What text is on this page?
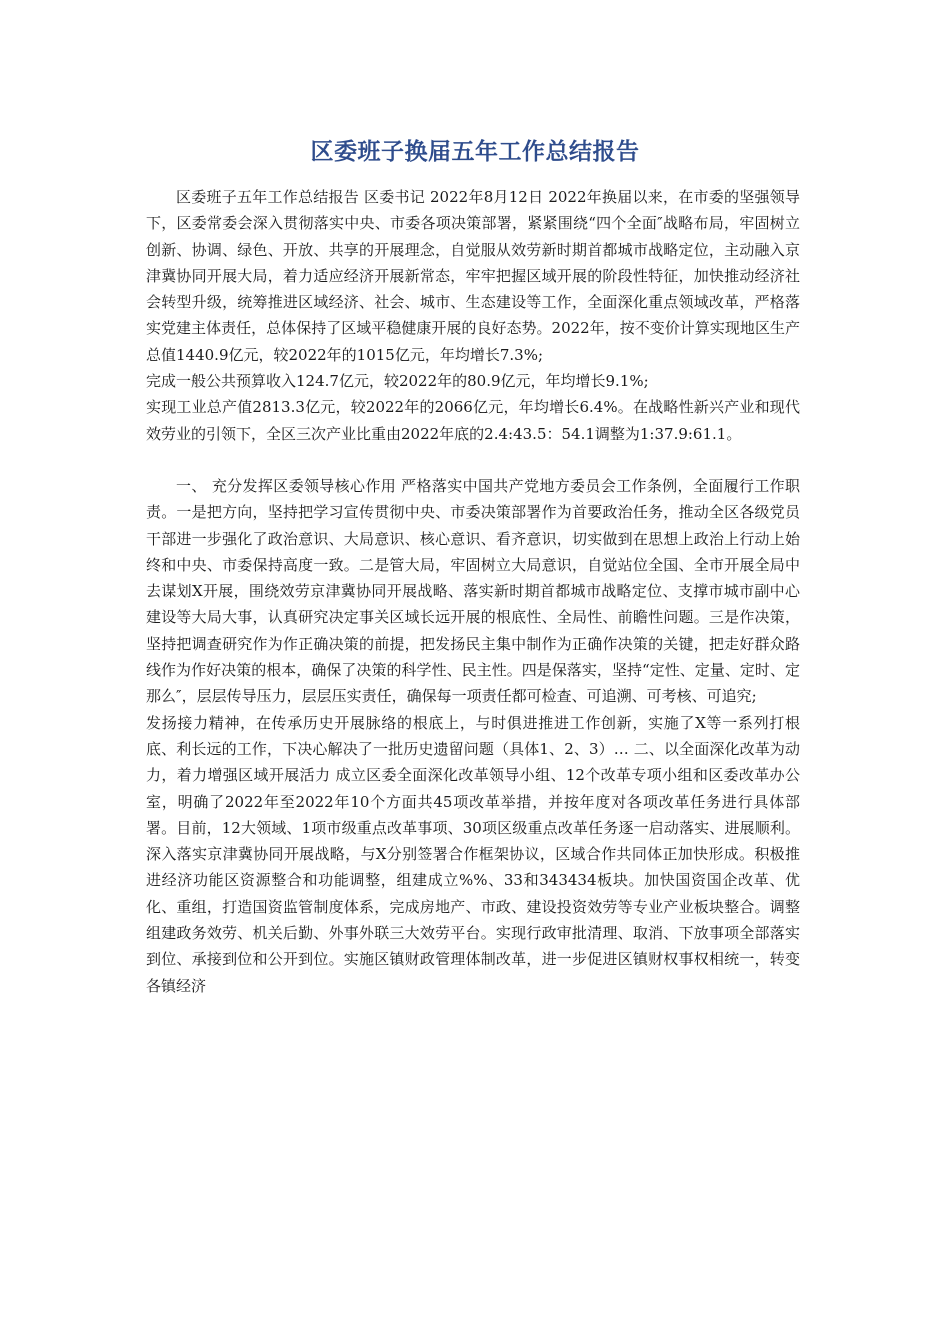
区委班子换届五年工作总结报告

区委班子五年工作总结报告 区委书记 2022年8月12日 2022年换届以来，在市委的坚强领导下，区委常委会深入贯彻落实中央、市委各项决策部署，紧紧围绕“四个全面″战略布局，牢固树立创新、协调、绿色、开放、共享的开展理念，自觉服从效劳新时期首都城市战略定位，主动融入京津冀协同开展大局，着力适应经济开展新常态，牢牢把握区域开展的阶段性特征，加快推动经济社会转型升级，统筹推进区域经济、社会、城市、生态建设等工作，全面深化重点领域改革，严格落实党建主体责任，总体保持了区域平稳健康开展的良好态势。2022年，按不变价计算实现地区生产总值1440.9亿元，较2022年的1015亿元，年均增长7.3%;

完成一般公共预算收入124.7亿元，较2022年的80.9亿元，年均增长9.1%;

实现工业总产值2813.3亿元，较2022年的2066亿元，年均增长6.4%。在战略性新兴产业和现代效劳业的引领下，全区三次产业比重由2022年底的2.4:43.5：54.1调整为1:37.9:61.1。

一、 充分发挥区委领导核心作用 严格落实中国共产党地方委员会工作条例，全面履行工作职责。一是把方向，坚持把学习宣传贯彻中央、市委决策部署作为首要政治任务，推动全区各级党员干部进一步强化了政治意识、大局意识、核心意识、看齐意识，切实做到在思想上政治上行动上始终和中央、市委保持高度一致。二是管大局，牢固树立大局意识，自觉站位全国、全市开展全局中去谋划X开展，围绕效劳京津冀协同开展战略、落实新时期首都城市战略定位、支撑市城市副中心建设等大局大事，认真研究决定事关区域长远开展的根底性、全局性、前瞻性问题。三是作决策，坚持把调查研究作为作正确决策的前提，把发扬民主集中制作为正确作决策的关键，把走好群众路线作为作好决策的根本，确保了决策的科学性、民主性。四是保落实，坚持“定性、定量、定时、定那么″，层层传导压力，层层压实责任，确保每一项责任都可检查、可追溯、可考核、可追究;

发扬接力精神，在传承历史开展脉络的根底上，与时俱进推进工作创新，实施了X等一系列打根底、利长远的工作，下决心解决了一批历史遗留问题（具体1、2、3）… 二、以全面深化改革为动力，着力增强区域开展活力 成立区委全面深化改革领导小组、12个改革专项小组和区委改革办公室，明确了2022年至2022年10个方面共45项改革举措，并按年度对各项改革任务进行具体部署。目前，12大领域、1项市级重点改革事项、30项区级重点改革任务逐一启动落实、进展顺利。深入落实京津冀协同开展战略，与X分别签署合作框架协议，区域合作共同体正加快形成。积极推进经济功能区资源整合和功能调整，组建成立%%、33和343434板块。加快国资国企改革、优化、重组，打造国资监管制度体系，完成房地产、市政、建设投资效劳等专业产业板块整合。调整组建政务效劳、机关后勤、外事外联三大效劳平台。实现行政审批清理、取消、下放事项全部落实到位、承接到位和公开到位。实施区镇财政管理体制改革，进一步促进区镇财权事权相统一，转变各镇经济
